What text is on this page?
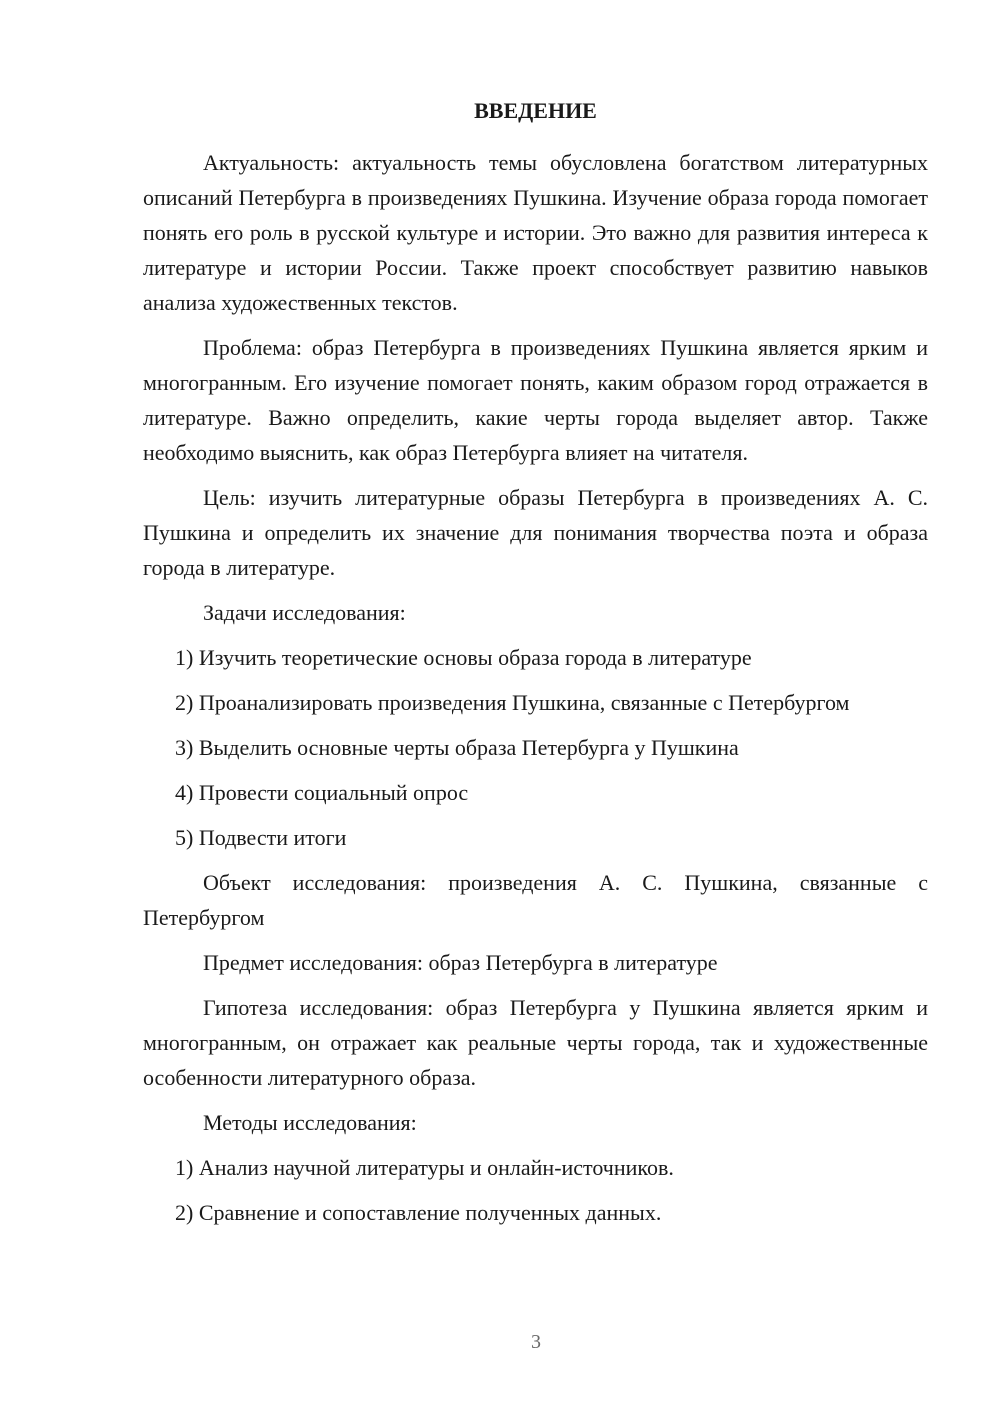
ВВЕДЕНИЕ
Актуальность: актуальность темы обусловлена богатством литературных описаний Петербурга в произведениях Пушкина. Изучение образа города помогает понять его роль в русской культуре и истории. Это важно для развития интереса к литературе и истории России. Также проект способствует развитию навыков анализа художественных текстов.
Проблема: образ Петербурга в произведениях Пушкина является ярким и многогранным. Его изучение помогает понять, каким образом город отражается в литературе. Важно определить, какие черты города выделяет автор. Также необходимо выяснить, как образ Петербурга влияет на читателя.
Цель: изучить литературные образы Петербурга в произведениях А. С. Пушкина и определить их значение для понимания творчества поэта и образа города в литературе.
Задачи исследования:
1) Изучить теоретические основы образа города в литературе
2) Проанализировать произведения Пушкина, связанные с Петербургом
3) Выделить основные черты образа Петербурга у Пушкина
4) Провести социальный опрос
5) Подвести итоги
Объект исследования: произведения А. С. Пушкина, связанные с Петербургом
Предмет исследования: образ Петербурга в литературе
Гипотеза исследования: образ Петербурга у Пушкина является ярким и многогранным, он отражает как реальные черты города, так и художественные особенности литературного образа.
Методы исследования:
1) Анализ научной литературы и онлайн-источников.
2) Сравнение и сопоставление полученных данных.
3
